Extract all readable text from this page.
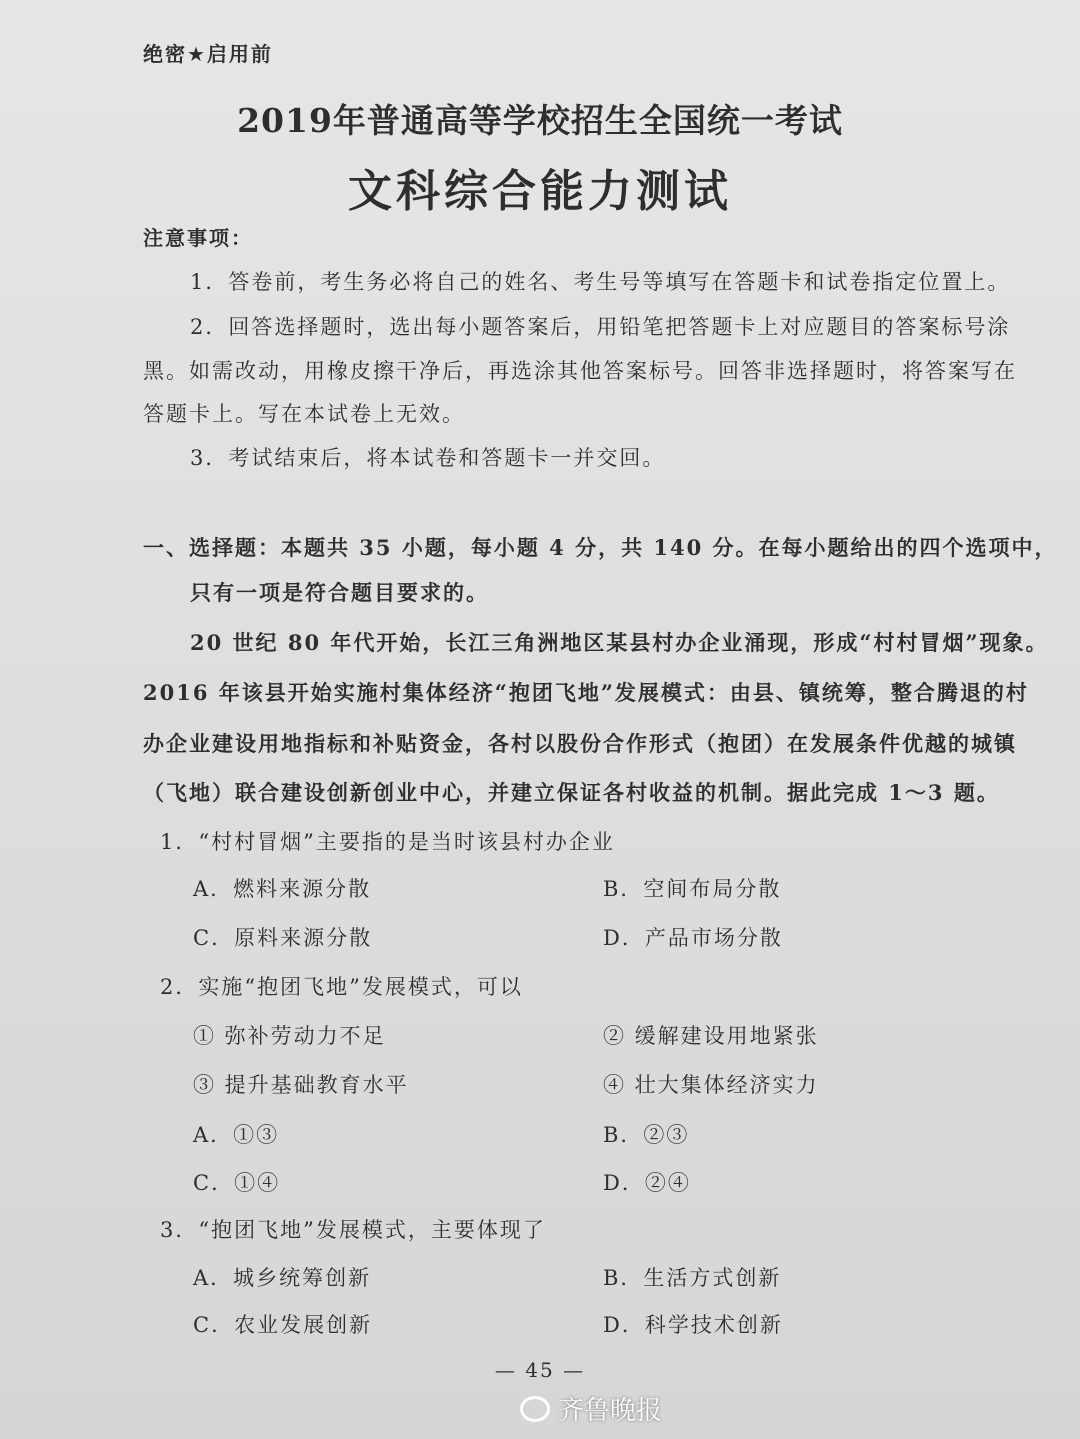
绝密★启用前
2019年普通高等学校招生全国统一考试
文科综合能力测试
注意事项：
1．答卷前，考生务必将自己的姓名、考生号等填写在答题卡和试卷指定位置上。
2．回答选择题时，选出每小题答案后，用铅笔把答题卡上对应题目的答案标号涂
黑。如需改动，用橡皮擦干净后，再选涂其他答案标号。回答非选择题时，将答案写在
答题卡上。写在本试卷上无效。
3．考试结束后，将本试卷和答题卡一并交回。
一、选择题：本题共 35 小题，每小题 4 分，共 140 分。在每小题给出的四个选项中，
只有一项是符合题目要求的。
20 世纪 80 年代开始，长江三角洲地区某县村办企业涌现，形成“村村冒烟”现象。
2016 年该县开始实施村集体经济“抱团飞地”发展模式：由县、镇统筹，整合腾退的村
办企业建设用地指标和补贴资金，各村以股份合作形式（抱团）在发展条件优越的城镇
（飞地）联合建设创新创业中心，并建立保证各村收益的机制。据此完成 1～3 题。
1．“村村冒烟”主要指的是当时该县村办企业
A．燃料来源分散	B．空间布局分散
C．原料来源分散	D．产品市场分散
2．实施“抱团飞地”发展模式，可以
① 弥补劳动力不足	② 缓解建设用地紧张
③ 提升基础教育水平	④ 壮大集体经济实力
A．①③	B．②③
C．①④	D．②④
3．“抱团飞地”发展模式，主要体现了
A．城乡统筹创新	B．生活方式创新
C．农业发展创新	D．科学技术创新
— 45 —
齐鲁晚报
